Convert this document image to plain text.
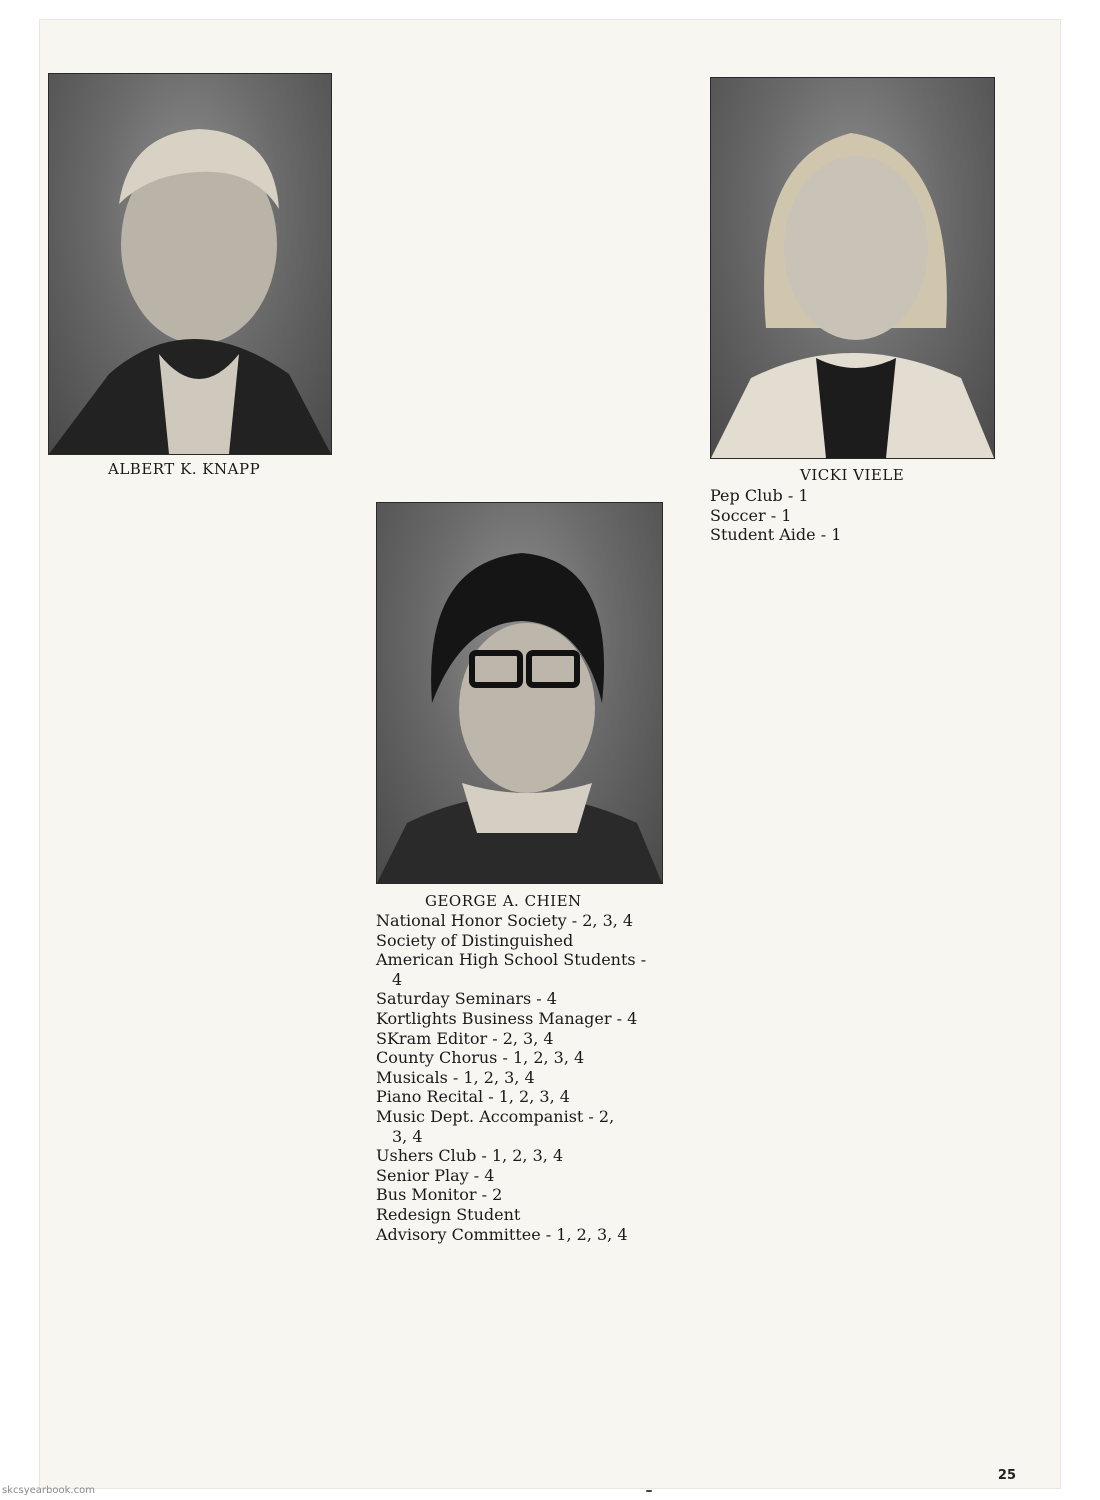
ALBERT K. KNAPP	VICKI VIELE
Pep Club - 1
Soccer - 1
Student Aide - 1
GEORGE A. CHIEN
National Honor Society - 2, 3, 4
Society of Distinguished
American High School Students -
4
Saturday Seminars - 4
Kortlights Business Manager - 4
SKram Editor - 2, 3, 4
County Chorus - 1, 2, 3, 4
Musicals - 1, 2, 3, 4
Piano Recital - 1, 2, 3, 4
Music Dept. Accompanist - 2,
3, 4
Ushers Club - 1, 2, 3, 4
Senior Play - 4
Bus Monitor - 2
Redesign Student
Advisory Committee - 1, 2, 3, 4
25
skcsyearbook.com
